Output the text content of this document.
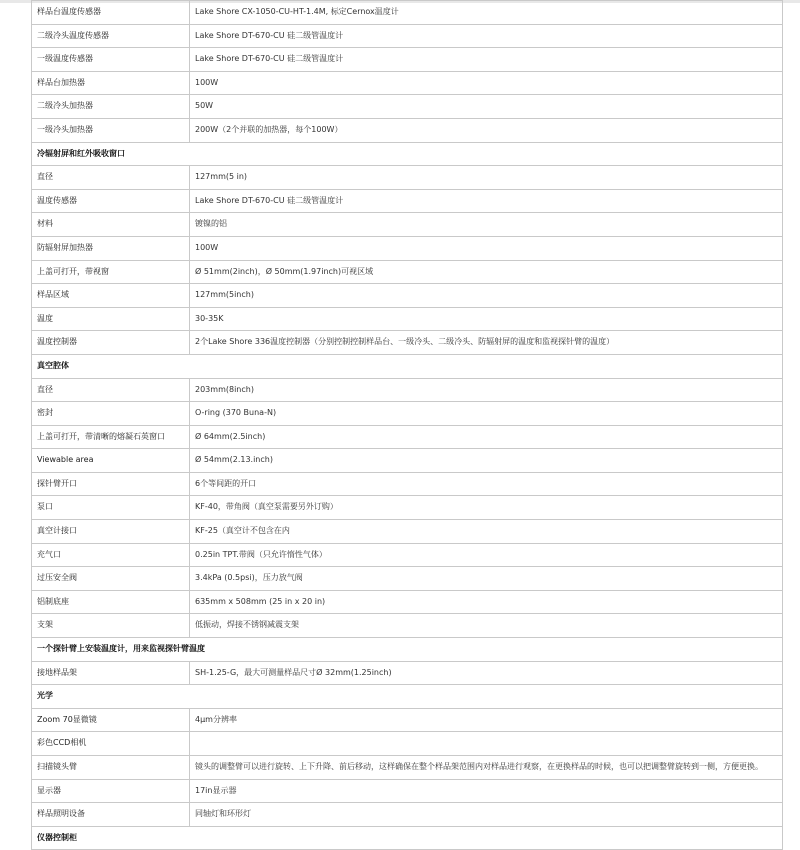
样品台温度传感器	Lake Shore CX-1050-CU-HT-1.4M, 标定Cernox温度计
二级冷头温度传感器	Lake Shore DT-670-CU 硅二级管温度计
一级温度传感器	Lake Shore DT-670-CU 硅二级管温度计
样品台加热器	100W
二级冷头加热器	50W
一级冷头加热器	200W（2个并联的加热器，每个100W）
冷辐射屏和红外吸收窗口	
直径	127mm(5 in)
温度传感器	Lake Shore DT-670-CU 硅二级管温度计
材料	镀镍的铝
防辐射屏加热器	100W
上盖可打开，带视窗	Ø 51mm(2inch)，Ø 50mm(1.97inch)可视区域
样品区域	127mm(5inch)
温度	30-35K
温度控制器	2个Lake Shore 336温度控制器（分别控制控制样品台、一级冷头、二级冷头、防辐射屏的温度和监视探针臂的温度）
真空腔体	
直径	203mm(8inch)
密封	O-ring (370 Buna-N)
上盖可打开，带清晰的熔凝石英窗口	Ø 64mm(2.5inch)
Viewable area	Ø 54mm(2.13.inch)
探针臂开口	6个等间距的开口
泵口	KF-40，带角阀（真空泵需要另外订购）
真空计接口	KF-25（真空计不包含在内
充气口	0.25in TPT.带阀（只允许惰性气体）
过压安全阀	3.4kPa (0.5psi)，压力放气阀
铝制底座	635mm x 508mm (25 in x 20 in)
支架	低振动，焊接不锈钢减震支架
一个探针臂上安装温度计，用来监视探针臂温度	
接地样品架	SH-1.25-G，最大可测量样品尺寸Ø 32mm(1.25inch)
光学	
Zoom 70显微镜	4μm分辨率
彩色CCD相机	
扫描镜头臂	镜头的调整臂可以进行旋转、上下升降、前后移动，这样确保在整个样品架范围内对样品进行观察，在更换样品的时候，也可以把调整臂旋转到一侧，方便更换。
显示器	17in显示器
样品照明设备	同轴灯和环形灯
仪器控制柜	
